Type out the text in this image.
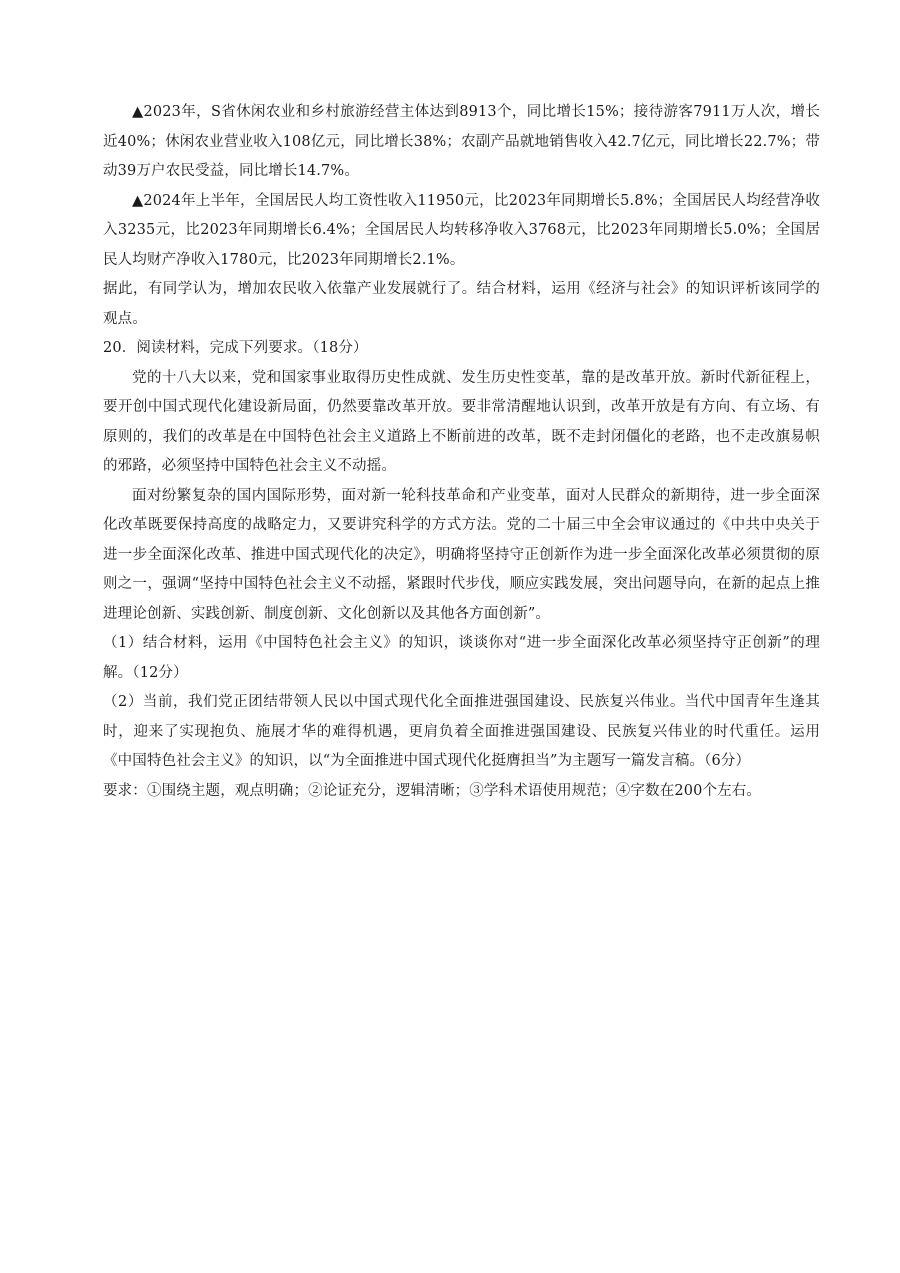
▲2023年，S省休闲农业和乡村旅游经营主体达到8913个，同比增长15%；接待游客7911万人次，增长近40%；休闲农业营业收入108亿元，同比增长38%；农副产品就地销售收入42.7亿元，同比增长22.7%；带动39万户农民受益，同比增长14.7%。

▲2024年上半年，全国居民人均工资性收入11950元，比2023年同期增长5.8%；全国居民人均经营净收入3235元，比2023年同期增长6.4%；全国居民人均转移净收入3768元，比2023年同期增长5.0%；全国居民人均财产净收入1780元，比2023年同期增长2.1%。

据此，有同学认为，增加农民收入依靠产业发展就行了。结合材料，运用《经济与社会》的知识评析该同学的观点。

20．阅读材料，完成下列要求。（18分）

党的十八大以来，党和国家事业取得历史性成就、发生历史性变革，靠的是改革开放。新时代新征程上，要开创中国式现代化建设新局面，仍然要靠改革开放。要非常清醒地认识到，改革开放是有方向、有立场、有原则的，我们的改革是在中国特色社会主义道路上不断前进的改革，既不走封闭僵化的老路，也不走改旗易帜的邪路，必须坚持中国特色社会主义不动摇。

面对纷繁复杂的国内国际形势，面对新一轮科技革命和产业变革，面对人民群众的新期待，进一步全面深化改革既要保持高度的战略定力，又要讲究科学的方式方法。党的二十届三中全会审议通过的《中共中央关于进一步全面深化改革、推进中国式现代化的决定》，明确将坚持守正创新作为进一步全面深化改革必须贯彻的原则之一，强调“坚持中国特色社会主义不动摇，紧跟时代步伐，顺应实践发展，突出问题导向，在新的起点上推进理论创新、实践创新、制度创新、文化创新以及其他各方面创新”。

（1）结合材料，运用《中国特色社会主义》的知识，谈谈你对“进一步全面深化改革必须坚持守正创新”的理解。（12分）

（2）当前，我们党正团结带领人民以中国式现代化全面推进强国建设、民族复兴伟业。当代中国青年生逢其时，迎来了实现抱负、施展才华的难得机遇，更肩负着全面推进强国建设、民族复兴伟业的时代重任。运用《中国特色社会主义》的知识，以“为全面推进中国式现代化挺膺担当”为主题写一篇发言稿。（6分）

要求：①围绕主题，观点明确；②论证充分，逻辑清晰；③学科术语使用规范；④字数在200个左右。
